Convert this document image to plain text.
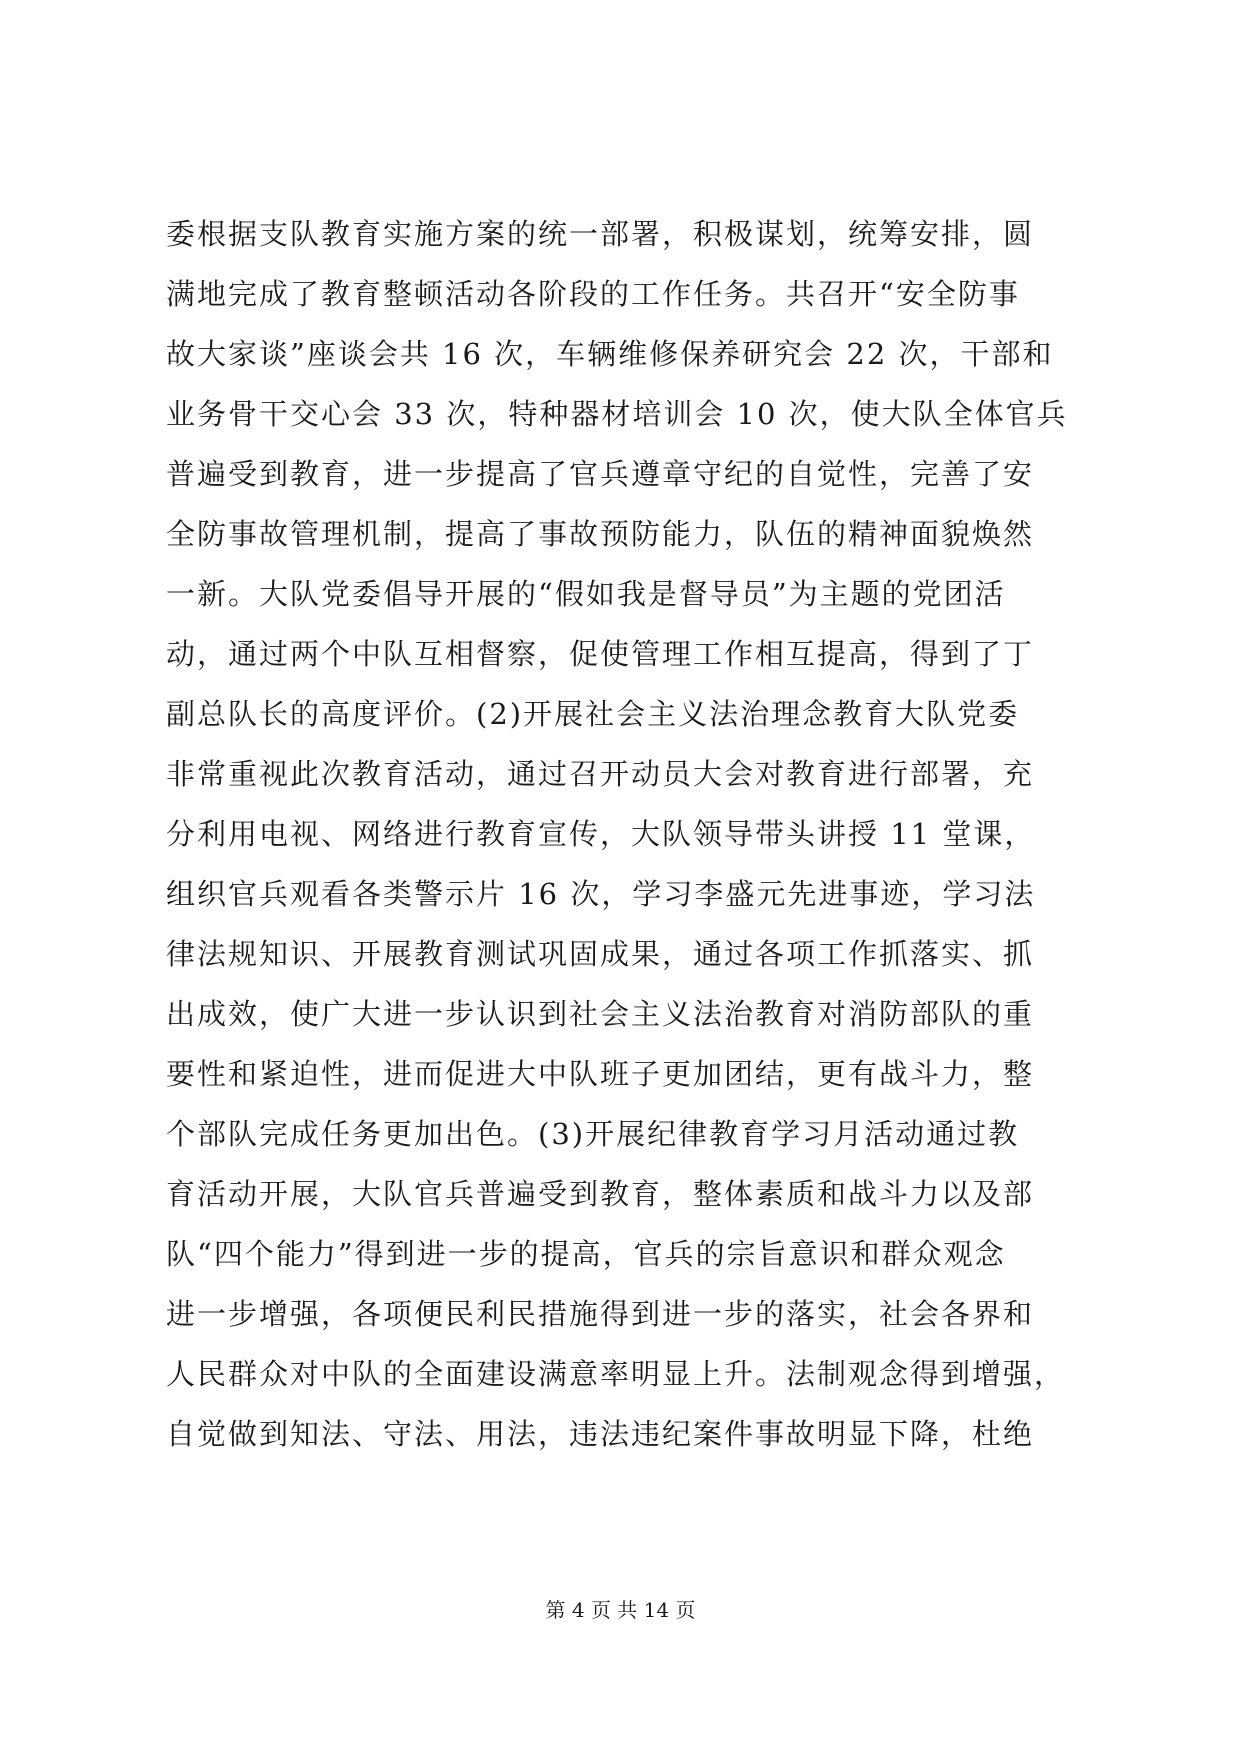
委根据支队教育实施方案的统一部署，积极谋划，统筹安排，圆
满地完成了教育整顿活动各阶段的工作任务。共召开“安全防事
故大家谈”座谈会共 16 次，车辆维修保养研究会 22 次，干部和
业务骨干交心会 33 次，特种器材培训会 10 次，使大队全体官兵
普遍受到教育，进一步提高了官兵遵章守纪的自觉性，完善了安
全防事故管理机制，提高了事故预防能力，队伍的精神面貌焕然
一新。大队党委倡导开展的“假如我是督导员”为主题的党团活
动，通过两个中队互相督察，促使管理工作相互提高，得到了丁
副总队长的高度评价。(2)开展社会主义法治理念教育大队党委
非常重视此次教育活动，通过召开动员大会对教育进行部署，充
分利用电视、网络进行教育宣传，大队领导带头讲授 11 堂课，
组织官兵观看各类警示片 16 次，学习李盛元先进事迹，学习法
律法规知识、开展教育测试巩固成果，通过各项工作抓落实、抓
出成效，使广大进一步认识到社会主义法治教育对消防部队的重
要性和紧迫性，进而促进大中队班子更加团结，更有战斗力，整
个部队完成任务更加出色。(3)开展纪律教育学习月活动通过教
育活动开展，大队官兵普遍受到教育，整体素质和战斗力以及部
队“四个能力”得到进一步的提高，官兵的宗旨意识和群众观念
进一步增强，各项便民利民措施得到进一步的落实，社会各界和
人民群众对中队的全面建设满意率明显上升。法制观念得到增强，
自觉做到知法、守法、用法，违法违纪案件事故明显下降，杜绝
第 4 页 共 14 页
